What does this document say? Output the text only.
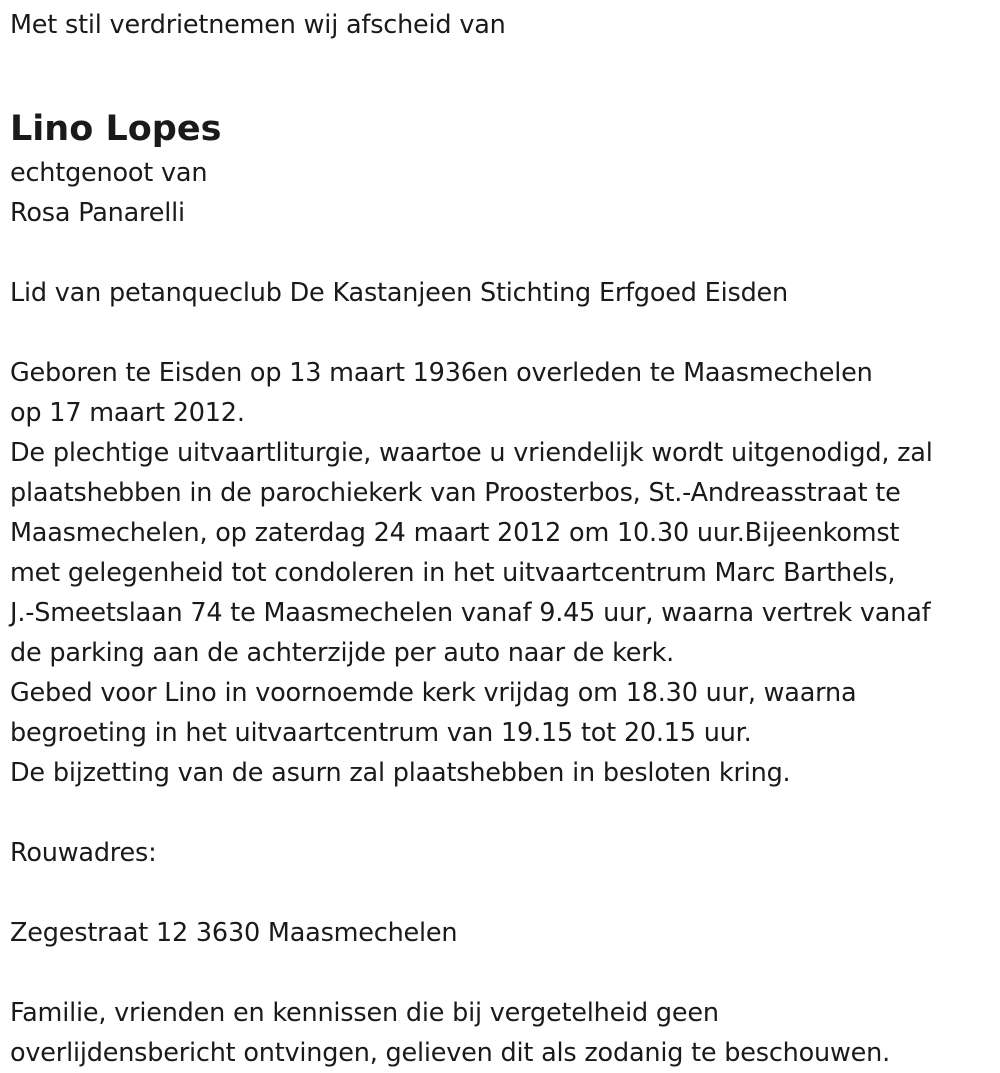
Met stil verdrietnemen wij afscheid van
Lino Lopes
echtgenoot van
Rosa Panarelli
Lid van petanqueclub De Kastanjeen Stichting Erfgoed Eisden
Geboren te Eisden op 13 maart 1936en overleden te Maasmechelen
op 17 maart 2012.
De plechtige uitvaartliturgie, waartoe u vriendelijk wordt uitgenodigd, zal
plaatshebben in de parochiekerk van Proosterbos, St.-Andreasstraat te
Maasmechelen, op zaterdag 24 maart 2012 om 10.30 uur.Bijeenkomst
met gelegenheid tot condoleren in het uitvaartcentrum Marc Barthels,
J.-Smeetslaan 74 te Maasmechelen vanaf 9.45 uur, waarna vertrek vanaf
de parking aan de achterzijde per auto naar de kerk.
Gebed voor Lino in voornoemde kerk vrijdag om 18.30 uur, waarna
begroeting in het uitvaartcentrum van 19.15 tot 20.15 uur.
De bijzetting van de asurn zal plaatshebben in besloten kring.
Rouwadres:
Zegestraat 12 3630 Maasmechelen
Familie, vrienden en kennissen die bij vergetelheid geen
overlijdensbericht ontvingen, gelieven dit als zodanig te beschouwen.
